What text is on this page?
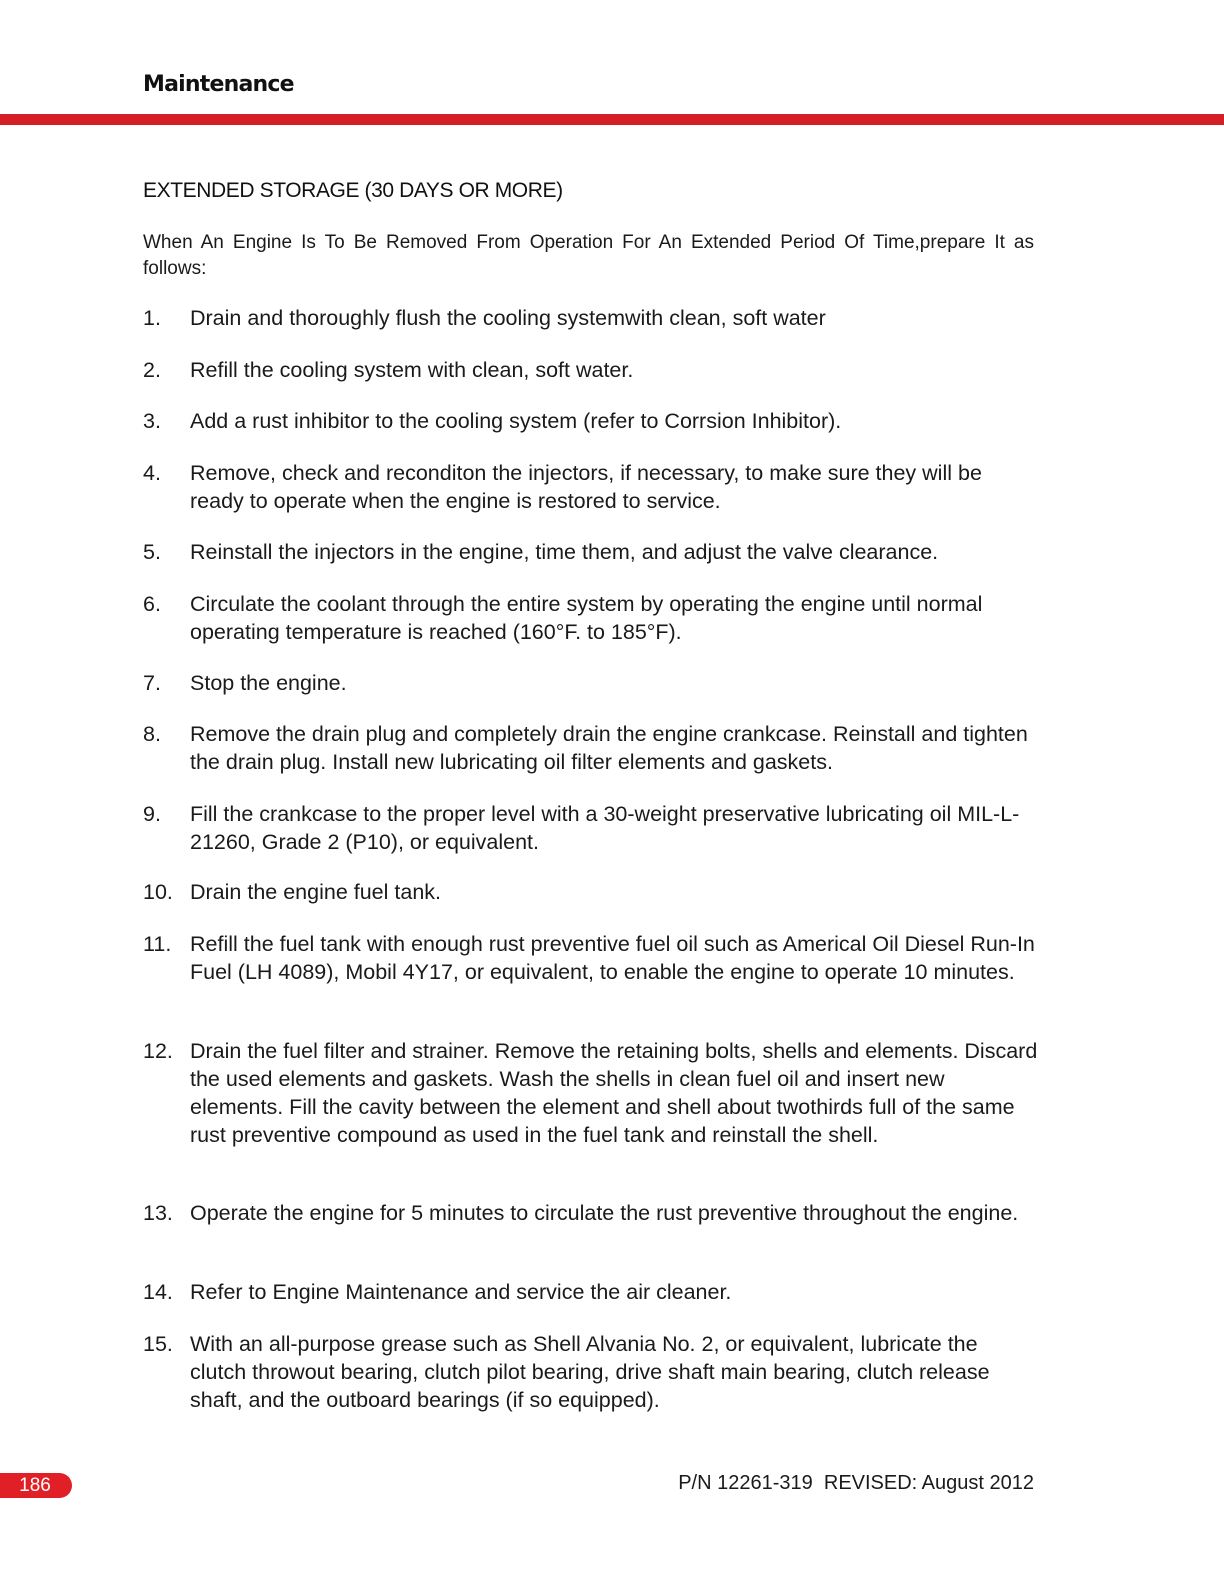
Maintenance
EXTENDED STORAGE (30 DAYS OR MORE)
When An Engine Is To Be Removed From Operation For An Extended Period Of Time,prepare It as follows:
1.	Drain and thoroughly flush the cooling systemwith clean, soft water
2.	Refill the cooling system with clean, soft water.
3.	Add a rust inhibitor to the cooling system (refer to Corrsion Inhibitor).
4.	Remove, check and reconditon the injectors, if necessary, to make sure they will be ready to operate when the engine is restored to service.
5.	Reinstall the injectors in the engine, time them, and adjust the valve clearance.
6.	Circulate the coolant through the entire system by operating the engine until normal operating temperature is reached (160°F. to 185°F).
7.	Stop the engine.
8.	Remove the drain plug and completely drain the engine crankcase. Reinstall and tighten the drain plug. Install new lubricating oil filter elements and gaskets.
9.	Fill the crankcase to the proper level with a 30-weight preservative lubricating oil MIL-L- 21260, Grade 2 (P10), or equivalent.
10. Drain the engine fuel tank.
11. Refill the fuel tank with enough rust preventive fuel oil such as Americal Oil Diesel Run-In Fuel (LH 4089), Mobil 4Y17, or equivalent, to enable the engine to operate 10 minutes.
12. Drain the fuel filter and strainer. Remove the retaining bolts, shells and elements. Discard the used elements and gaskets. Wash the shells in clean fuel oil and insert new elements. Fill the cavity between the element and shell about twothirds full of the same rust preventive compound as used in the fuel tank and reinstall the shell.
13. Operate the engine for 5 minutes to circulate the rust preventive throughout the engine.
14. Refer to Engine Maintenance and service the air cleaner.
15. With an all-purpose grease such as Shell Alvania No. 2, or equivalent, lubricate the clutch throwout bearing, clutch pilot bearing, drive shaft main bearing, clutch release shaft, and the outboard bearings (if so equipped).
186	P/N 12261-319  REVISED: August 2012
